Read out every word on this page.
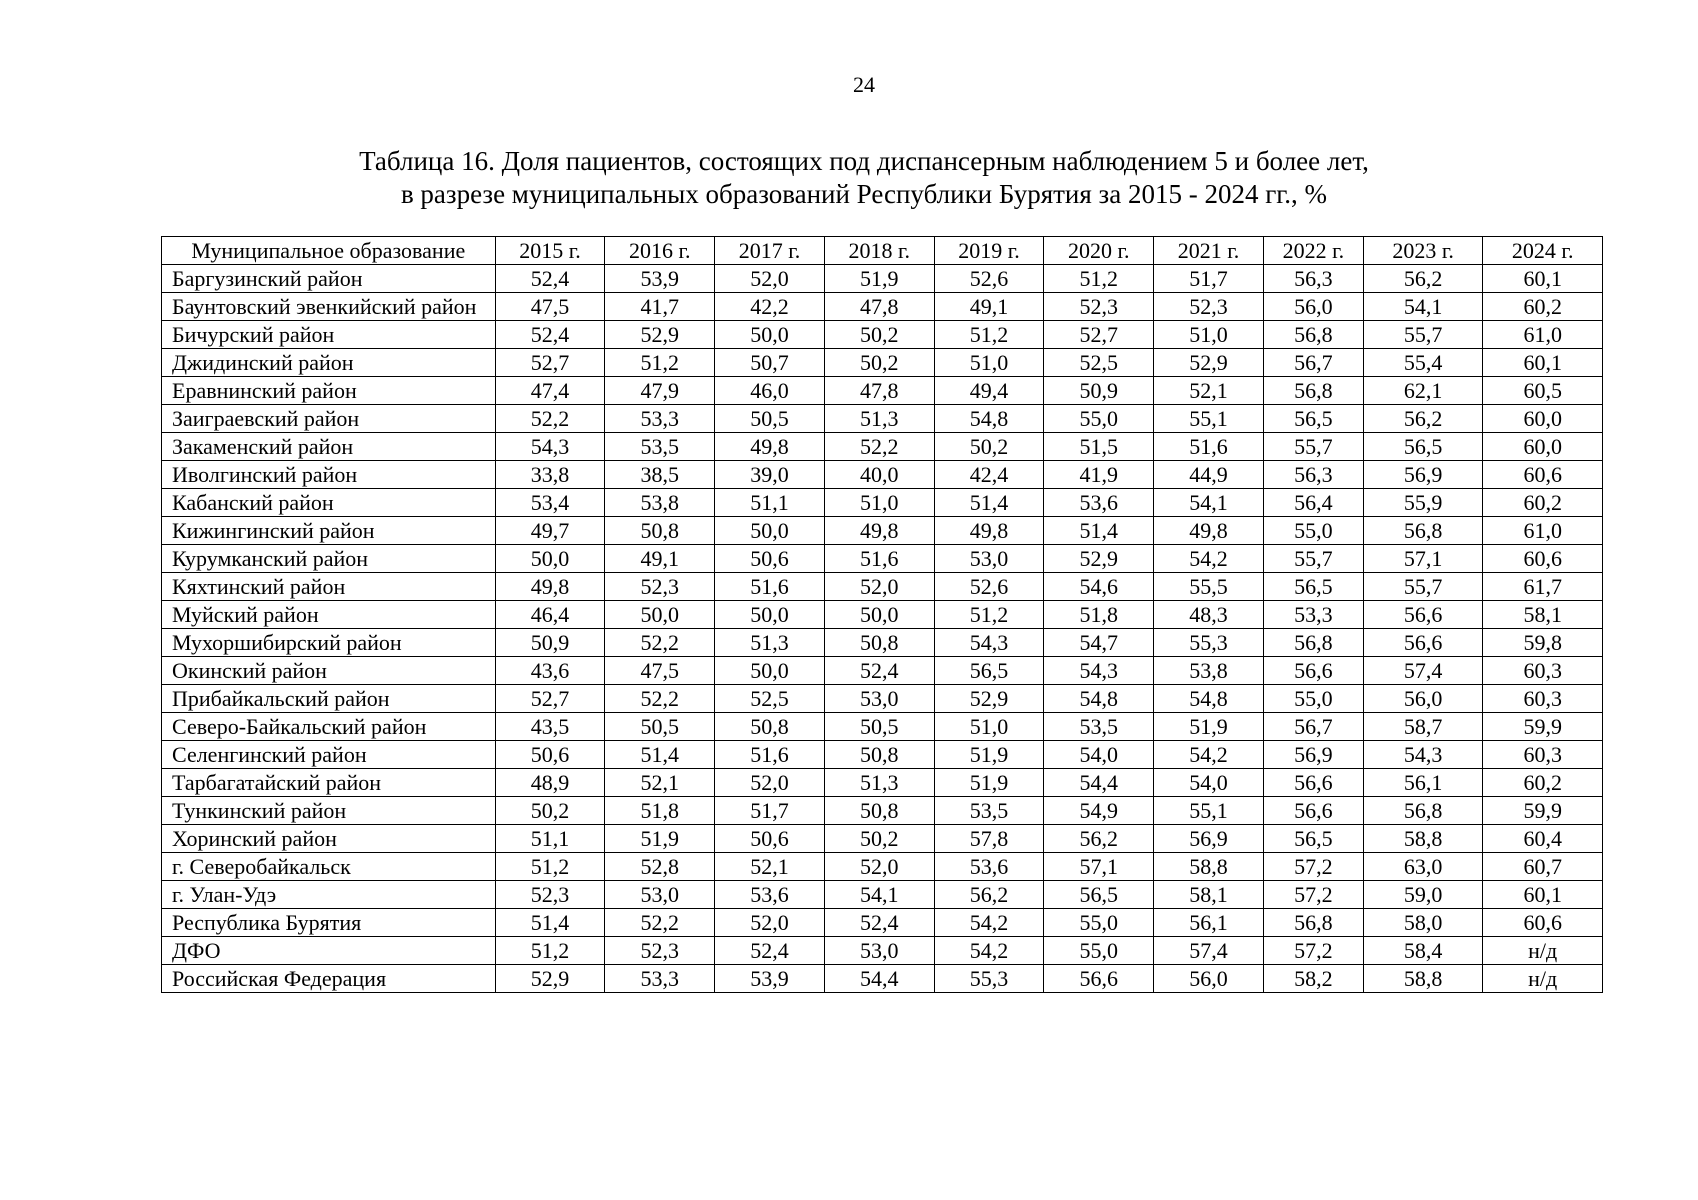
24
Таблица 16. Доля пациентов, состоящих под диспансерным наблюдением 5 и более лет,
в разрезе муниципальных образований Республики Бурятия за 2015 - 2024 гг., %
Муниципальное образование	2015 г.	2016 г.	2017 г.	2018 г.	2019 г.	2020 г.	2021 г.	2022 г.	2023 г.	2024 г.
Баргузинский район	52,4	53,9	52,0	51,9	52,6	51,2	51,7	56,3	56,2	60,1
Баунтовский эвенкийский район	47,5	41,7	42,2	47,8	49,1	52,3	52,3	56,0	54,1	60,2
Бичурский район	52,4	52,9	50,0	50,2	51,2	52,7	51,0	56,8	55,7	61,0
Джидинский район	52,7	51,2	50,7	50,2	51,0	52,5	52,9	56,7	55,4	60,1
Еравнинский район	47,4	47,9	46,0	47,8	49,4	50,9	52,1	56,8	62,1	60,5
Заиграевский район	52,2	53,3	50,5	51,3	54,8	55,0	55,1	56,5	56,2	60,0
Закаменский район	54,3	53,5	49,8	52,2	50,2	51,5	51,6	55,7	56,5	60,0
Иволгинский район	33,8	38,5	39,0	40,0	42,4	41,9	44,9	56,3	56,9	60,6
Кабанский район	53,4	53,8	51,1	51,0	51,4	53,6	54,1	56,4	55,9	60,2
Кижингинский район	49,7	50,8	50,0	49,8	49,8	51,4	49,8	55,0	56,8	61,0
Курумканский район	50,0	49,1	50,6	51,6	53,0	52,9	54,2	55,7	57,1	60,6
Кяхтинский район	49,8	52,3	51,6	52,0	52,6	54,6	55,5	56,5	55,7	61,7
Муйский район	46,4	50,0	50,0	50,0	51,2	51,8	48,3	53,3	56,6	58,1
Мухоршибирский район	50,9	52,2	51,3	50,8	54,3	54,7	55,3	56,8	56,6	59,8
Окинский район	43,6	47,5	50,0	52,4	56,5	54,3	53,8	56,6	57,4	60,3
Прибайкальский район	52,7	52,2	52,5	53,0	52,9	54,8	54,8	55,0	56,0	60,3
Северо-Байкальский район	43,5	50,5	50,8	50,5	51,0	53,5	51,9	56,7	58,7	59,9
Селенгинский район	50,6	51,4	51,6	50,8	51,9	54,0	54,2	56,9	54,3	60,3
Тарбагатайский район	48,9	52,1	52,0	51,3	51,9	54,4	54,0	56,6	56,1	60,2
Тункинский район	50,2	51,8	51,7	50,8	53,5	54,9	55,1	56,6	56,8	59,9
Хоринский район	51,1	51,9	50,6	50,2	57,8	56,2	56,9	56,5	58,8	60,4
г. Северобайкальск	51,2	52,8	52,1	52,0	53,6	57,1	58,8	57,2	63,0	60,7
г. Улан-Удэ	52,3	53,0	53,6	54,1	56,2	56,5	58,1	57,2	59,0	60,1
Республика Бурятия	51,4	52,2	52,0	52,4	54,2	55,0	56,1	56,8	58,0	60,6
ДФО	51,2	52,3	52,4	53,0	54,2	55,0	57,4	57,2	58,4	н/д
Российская Федерация	52,9	53,3	53,9	54,4	55,3	56,6	56,0	58,2	58,8	н/д
